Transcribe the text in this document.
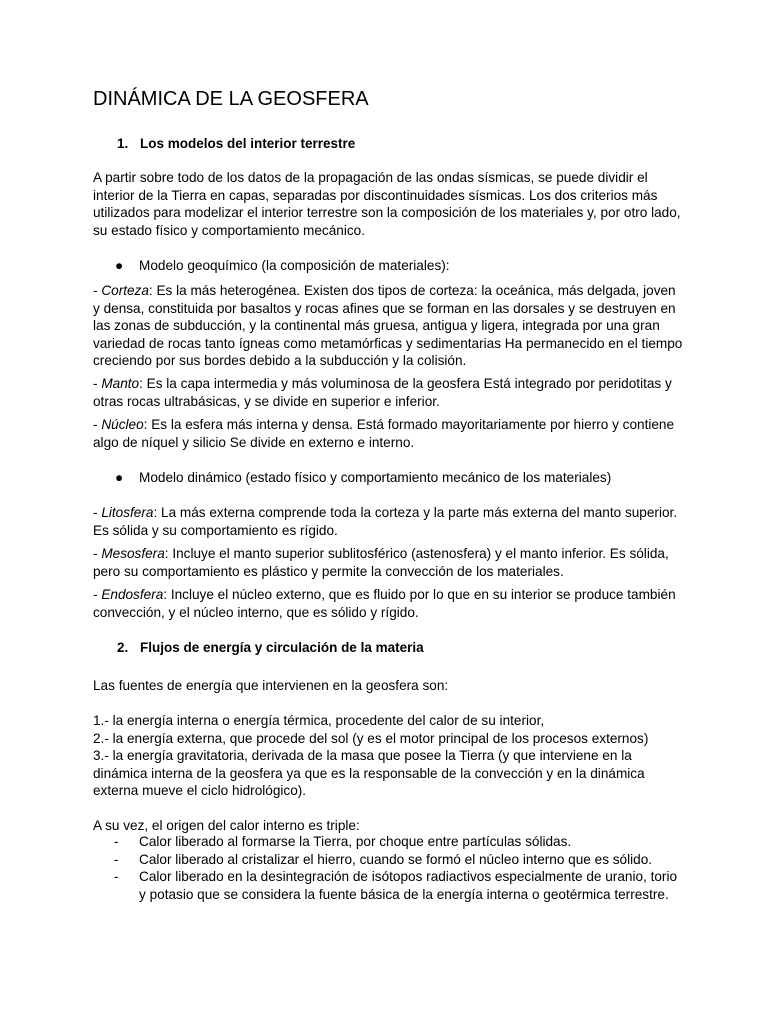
DINÁMICA DE LA GEOSFERA
1. Los modelos del interior terrestre
A partir sobre todo de los datos de la propagación de las ondas sísmicas, se puede dividir el interior de la Tierra en capas, separadas por discontinuidades sísmicas. Los dos criterios más utilizados para modelizar el interior terrestre son la composición de los materiales y, por otro lado, su estado físico y comportamiento mecánico.
● Modelo geoquímico (la composición de materiales):
- Corteza: Es la más heterogénea. Existen dos tipos de corteza: la oceánica, más delgada, joven y densa, constituida por basaltos y rocas afines que se forman en las dorsales y se destruyen en las zonas de subducción, y la continental más gruesa, antigua y ligera, integrada por una gran variedad de rocas tanto ígneas como metamórficas y sedimentarias Ha permanecido en el tiempo creciendo por sus bordes debido a la subducción y la colisión.
- Manto: Es la capa intermedia y más voluminosa de la geosfera Está integrado por peridotitas y otras rocas ultrabásicas, y se divide en superior e inferior.
- Núcleo: Es la esfera más interna y densa. Está formado mayoritariamente por hierro y contiene algo de níquel y silicio Se divide en externo e interno.
● Modelo dinámico (estado físico y comportamiento mecánico de los materiales)
- Litosfera: La más externa comprende toda la corteza y la parte más externa del manto superior. Es sólida y su comportamiento es rígido.
- Mesosfera: Incluye el manto superior sublitosférico (astenosfera) y el manto inferior. Es sólida, pero su comportamiento es plástico y permite la convección de los materiales.
- Endosfera: Incluye el núcleo externo, que es fluido por lo que en su interior se produce también convección, y el núcleo interno, que es sólido y rígido.
2. Flujos de energía y circulación de la materia
Las fuentes de energía que intervienen en la geosfera son:
1.- la energía interna o energía térmica, procedente del calor de su interior,
2.- la energía externa, que procede del sol (y es el motor principal de los procesos externos)
3.- la energía gravitatoria, derivada de la masa que posee la Tierra (y que interviene en la dinámica interna de la geosfera ya que es la responsable de la convección y en la dinámica externa mueve el ciclo hidrológico).
A su vez, el origen del calor interno es triple:
- Calor liberado al formarse la Tierra, por choque entre partículas sólidas.
- Calor liberado al cristalizar el hierro, cuando se formó el núcleo interno que es sólido.
- Calor liberado en la desintegración de isótopos radiactivos especialmente de uranio, torio y potasio que se considera la fuente básica de la energía interna o geotérmica terrestre.
